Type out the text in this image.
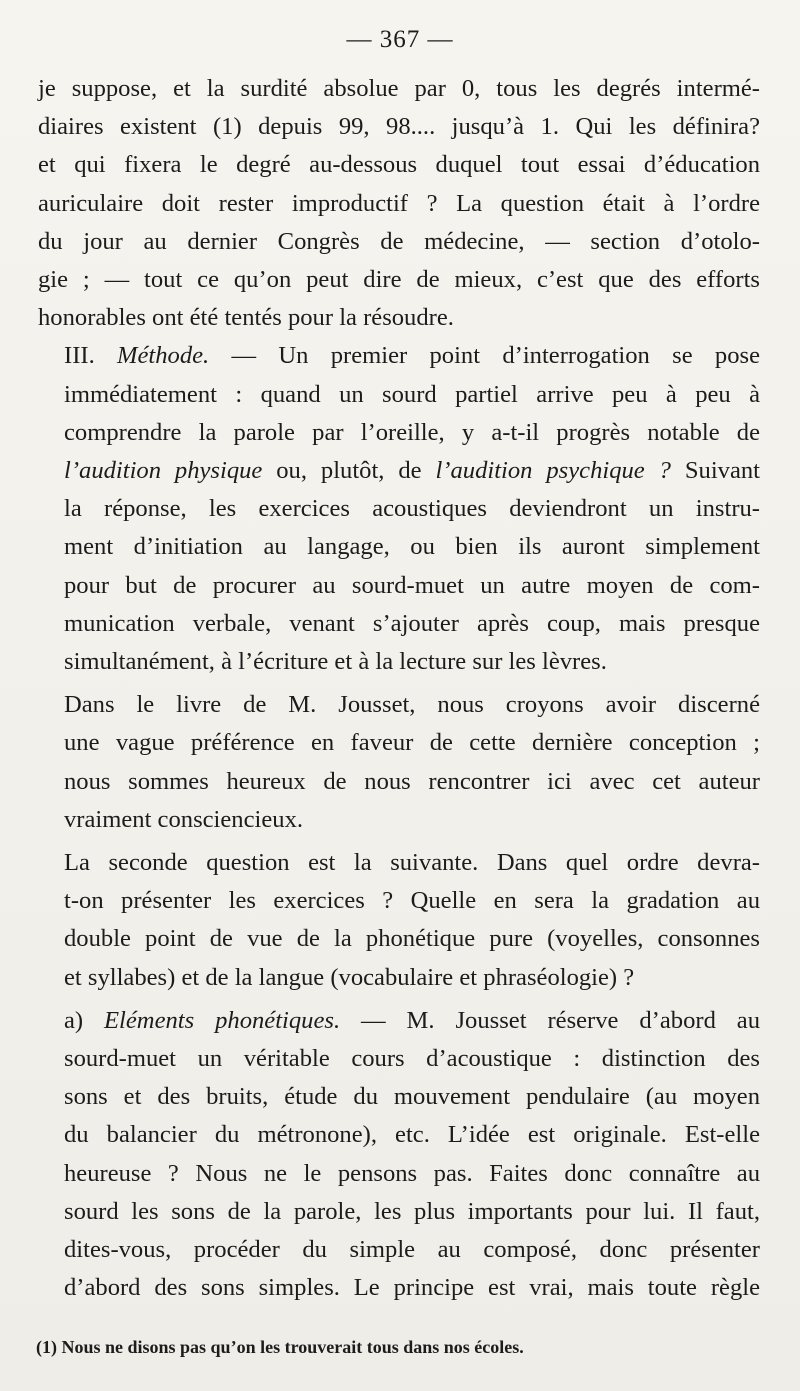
— 367 —

je suppose, et la surdité absolue par 0, tous les degrés intermé-
diaires existent (1) depuis 99, 98.... jusqu’à 1. Qui les définira?
et qui fixera le degré au-dessous duquel tout essai d’éducation
auriculaire doit rester improductif ? La question était à l’ordre
du jour au dernier Congrès de médecine, — section d’otolo-
gie ; — tout ce qu’on peut dire de mieux, c’est que des efforts
honorables ont été tentés pour la résoudre.

III. Méthode. — Un premier point d’interrogation se pose
immédiatement : quand un sourd partiel arrive peu à peu à
comprendre la parole par l’oreille, y a-t-il progrès notable de
l’audition physique ou, plutôt, de l’audition psychique ? Suivant
la réponse, les exercices acoustiques deviendront un instru-
ment d’initiation au langage, ou bien ils auront simplement
pour but de procurer au sourd-muet un autre moyen de com-
munication verbale, venant s’ajouter après coup, mais presque
simultanément, à l’écriture et à la lecture sur les lèvres.

Dans le livre de M. Jousset, nous croyons avoir discerné
une vague préférence en faveur de cette dernière conception ;
nous sommes heureux de nous rencontrer ici avec cet auteur
vraiment consciencieux.

La seconde question est la suivante. Dans quel ordre devra-
t-on présenter les exercices ? Quelle en sera la gradation au
double point de vue de la phonétique pure (voyelles, consonnes
et syllabes) et de la langue (vocabulaire et phraséologie) ?

a) Eléments phonétiques. — M. Jousset réserve d’abord au
sourd-muet un véritable cours d’acoustique : distinction des
sons et des bruits, étude du mouvement pendulaire (au moyen
du balancier du métronone), etc. L’idée est originale. Est-elle
heureuse ? Nous ne le pensons pas. Faites donc connaître au
sourd les sons de la parole, les plus importants pour lui. Il faut,
dites-vous, procéder du simple au composé, donc présenter
d’abord des sons simples. Le principe est vrai, mais toute règle

(1) Nous ne disons pas qu’on les trouverait tous dans nos écoles.
